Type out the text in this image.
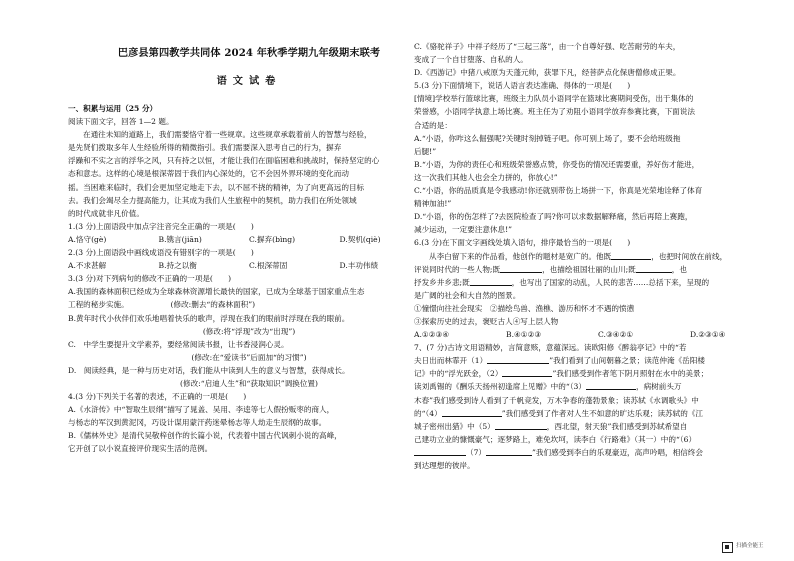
巴彦县第四教学共同体 2024 年秋季学期九年级期末联考
语文试卷

一、积累与运用（25 分）

阅读下面文字，回答 1—2 题。

在通往未知的道路上，我们需要恪守着一些规章。这些规章承载着前人的智慧与经验，

是先贤们拨取多年人生经验所得的精微指引。我们需要深入思考自己的行为，摒弃

浮躁和不实之言的浮华之风，只有持之以恒，才能让我们在面临困难和挑战时，保持坚定的心

态和意志。这样的心境是根深蒂固于我们内心深处的，它不会因外界环境的变化而动

摇。当困难来临时，我们会更加坚定地走下去，以不屈不挠的精神，为了向更高远的目标

去。我们会竭尽全力提高能力，让其成为我们人生旅程中的契机，助力我们在所处领域

的时代成就非凡价值。

1.(3 分)上面语段中加点字注音完全正确的一项是(　　)

A.恪守(gè)	B.镌言(jiān)	C.摒弃(bìng)	D.契机(qiè)

2.(3 分)上面语段中画线成语没有错别字的一项是(　　)

A.不求甚解	B.持之以衡	C.根深蒂固	D.丰功伟绩

3.(3 分)对下列病句的修改不正确的一项是(　　)

A.我国的森林面积已经成为全球森林资源增长最快的国家，已成为全球基于国家重点生态

工程的秘步实施。　　　　　　(修改:删去“的森林面积”)

B.黄年时代小伙伴们欢乐地唱着快乐的歌声，浮现在我们的眼前时浮现在我的眼前。

(修改:将“浮现”改为“出现”)

C.　中学生要提升文学素养，要经常阅读书报，让书香浸润心灵。

(修改:在“爱读书”后面加“的习惯”)

D.　阅读经典，是一种与历史对话，我们能从中读到人生的意义与智慧，获得成长。

(修改:“启迪人生”和“获取知识”调换位置)

4.(3 分)下列关于名著的表述，不正确的一项是(　　)

A.《水浒传》中“智取生辰纲”描写了晁盖、吴用、李逵等七人假扮贩枣的商人，

与杨志的军汉到黄泥冈，巧设计谋用蒙汗药迷晕杨志等人劫走生辰纲的故事。

B.《儒林外史》是清代吴敬梓创作的长篇小说，代表着中国古代讽刺小说的高峰，

它开创了以小说直接评价现实生活的范例。

C.《骆驼祥子》中祥子经历了“三起三落”，由一个自尊好强、吃苦耐劳的车夫，

变成了一个自甘堕落、自私的人。

D.《西游记》中猪八戒原为天蓬元帅，获罪下凡，经菩萨点化保唐僧修成正果。

5.(3 分)下面情境下，说话人语言表达准确、得体的一项是(　　)

[情境]学校举行篮球比赛，班级主力队员小语同学在篮球比赛期间受伤，出于集体的

荣誉感，小语同学执意上场比赛。班主任为了劝阻小语同学放弃参赛比赛，下面说法

合适的是：

A.“小语，你咋这么倔强呢?关键时刻掉链子吧。你可别上场了，要不会给班级拖

后腿!”

B.“小语，为你的责任心和班级荣誉感点赞，你受伤的情况还需要重，养好伤才能进，

这一次我们其他人也会全力拼的，你放心!”

C.“小语，你的品质真是令我感动!你还就别带伤上场拼一下，你真是光荣地诠释了体育

精神加油!”

D.“小语，你的伤怎样了?去医院检查了吗?你可以求数据解释痛，然后再陪上赛跑，

减少运动，一定要注意休息!”

6.(3 分)在下面文字画线处填入语句，排序最恰当的一项是(　　)

从李白留下来的作品看，他创作的题材是宽广的。他既	，也把时间放在前线，

评说同时代的一些人物;既	，也描绘祖国壮丽的山川;既	，也

抒发乡井乡悲;既	，也写出了国家的动乱，人民的悲苦……总括下来，呈现的

是广阔的社会和大自然的图景。

①憧憬向往社会现实　②描绘鸟兽、渔樵、游历和怀才不遇的愤懑

③探索历史的过去，褒贬古人④写上层人物

A.①②③④	B.④①②③	C.③④②①	D.②③①④

7、(7 分)古诗文用语精妙，言简意赅，意蕴深远。读欧阳修《醉翁亭记》中的“若

夫日出而林霏开（1）	”我们看到了山间朝暮之景；读范仲淹《岳阳楼

记》中的“浮光跃金，（2）	”我们感受到作者笔下阴月照射在水中的美景；

读刘禹锡的《酬乐天扬州初逢席上见赠》中的“（3）	，病树前头万

木春”我们感受到诗人看到了千帆竞发，万木争春的蓬勃景象；读苏轼《水调歌头》中

的“（4）	”我们感受到了作者对人生不如意的旷达乐观；读苏轼的《江

城子密州出猎》中（5）	，西北望，射天狼”我们感受到苏轼希望自

己建功立业的慷慨豪气；逐梦路上，难免坎坷，读李白《行路难》（其一）中的“（6）

（7）	”我们感受到李白的乐观豪迈，高声吟唱，相信终会

到达理想的彼岸。

扫描全能王
